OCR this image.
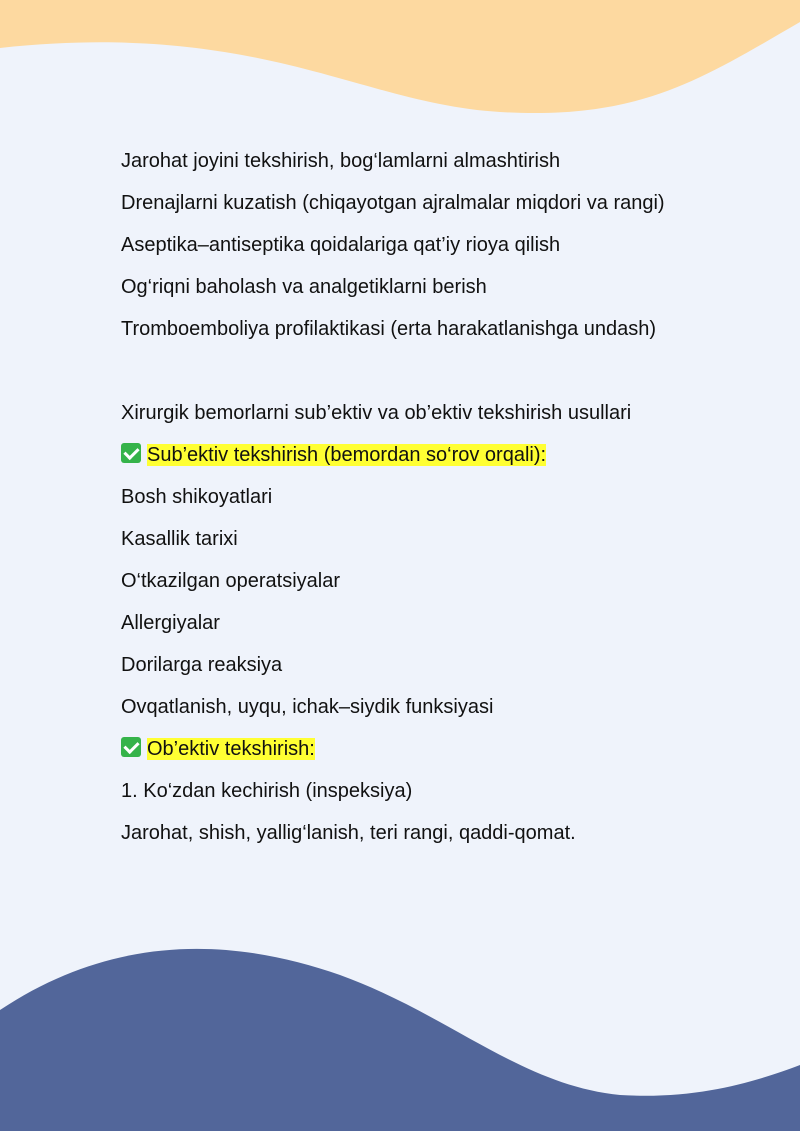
Jarohat joyini tekshirish, bog‘lamlarni almashtirish

Drenajlarni kuzatish (chiqayotgan ajralmalar miqdori va rangi)

Aseptika–antiseptika qoidalariga qat’iy rioya qilish

Og‘riqni baholash va analgetiklarni berish

Tromboemboliya profilaktikasi (erta harakatlanishga undash)

Xirurgik bemorlarni sub’ektiv va ob’ektiv tekshirish usullari

Sub’ektiv tekshirish (bemordan so‘rov orqali):

Bosh shikoyatlari

Kasallik tarixi

O‘tkazilgan operatsiyalar

Allergiyalar

Dorilarga reaksiya

Ovqatlanish, uyqu, ichak–siydik funksiyasi

Ob’ektiv tekshirish:

1. Ko‘zdan kechirish (inspeksiya)

Jarohat, shish, yallig‘lanish, teri rangi, qaddi-qomat.
